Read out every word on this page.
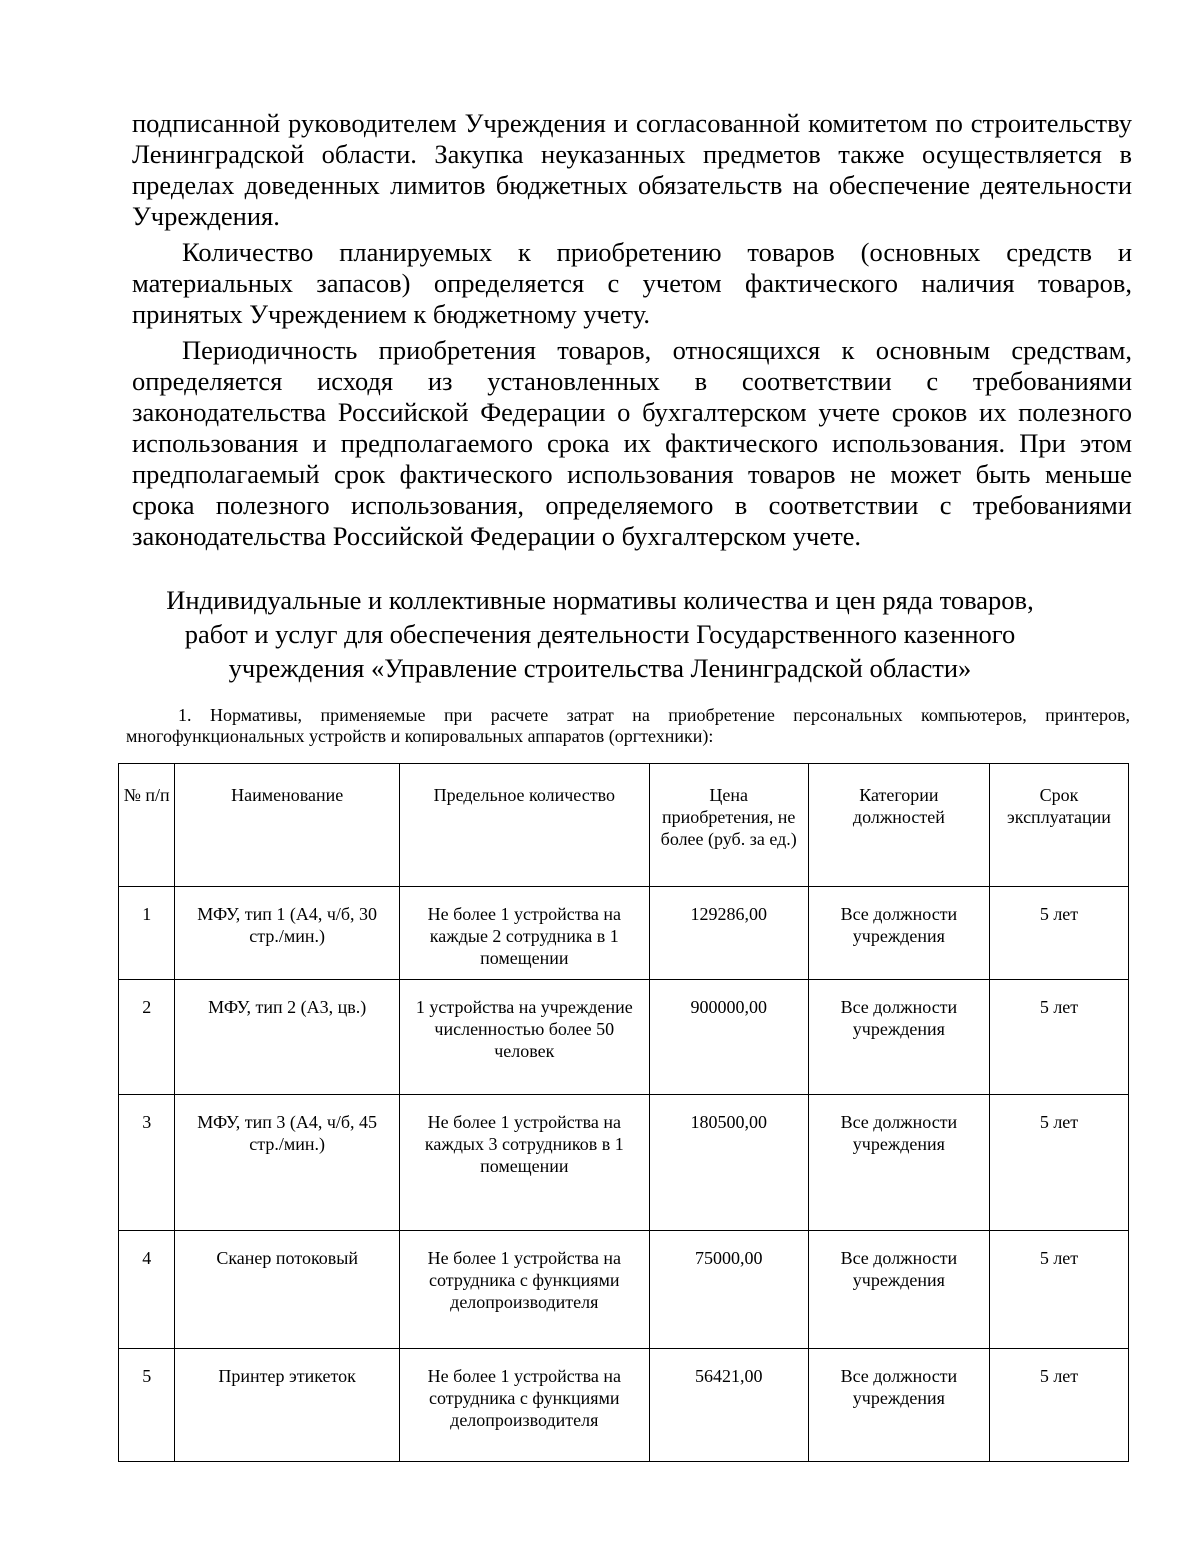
подписанной руководителем Учреждения и согласованной комитетом по строительству Ленинградской области. Закупка неуказанных предметов также осуществляется в пределах доведенных лимитов бюджетных обязательств на обеспечение деятельности Учреждения.

Количество планируемых к приобретению товаров (основных средств и материальных запасов) определяется с учетом фактического наличия товаров, принятых Учреждением к бюджетному учету.

Периодичность приобретения товаров, относящихся к основным средствам, определяется исходя из установленных в соответствии с требованиями законодательства Российской Федерации о бухгалтерском учете сроков их полезного использования и предполагаемого срока их фактического использования. При этом предполагаемый срок фактического использования товаров не может быть меньше срока полезного использования, определяемого в соответствии с требованиями законодательства Российской Федерации о бухгалтерском учете.

Индивидуальные и коллективные нормативы количества и цен ряда товаров,
работ и услуг для обеспечения деятельности Государственного казенного
учреждения «Управление строительства Ленинградской области»

1. Нормативы, применяемые при расчете затрат на приобретение персональных компьютеров, принтеров, многофункциональных устройств и копировальных аппаратов (оргтехники):

№ п/п	Наименование	Предельное количество	Цена приобретения, не более (руб. за ед.)	Категории должностей	Срок эксплуатации
1	МФУ, тип 1 (А4, ч/б, 30 стр./мин.)	Не более 1 устройства на каждые 2 сотрудника в 1 помещении	129286,00	Все должности учреждения	5 лет
2	МФУ, тип 2 (А3, цв.)	1 устройства на учреждение численностью более 50 человек	900000,00	Все должности учреждения	5 лет
3	МФУ, тип 3 (А4, ч/б, 45 стр./мин.)	Не более 1 устройства на каждых 3 сотрудников в 1 помещении	180500,00	Все должности учреждения	5 лет
4	Сканер потоковый	Не более 1 устройства на сотрудника с функциями делопроизводителя	75000,00	Все должности учреждения	5 лет
5	Принтер этикеток	Не более 1 устройства на сотрудника с функциями делопроизводителя	56421,00	Все должности учреждения	5 лет
